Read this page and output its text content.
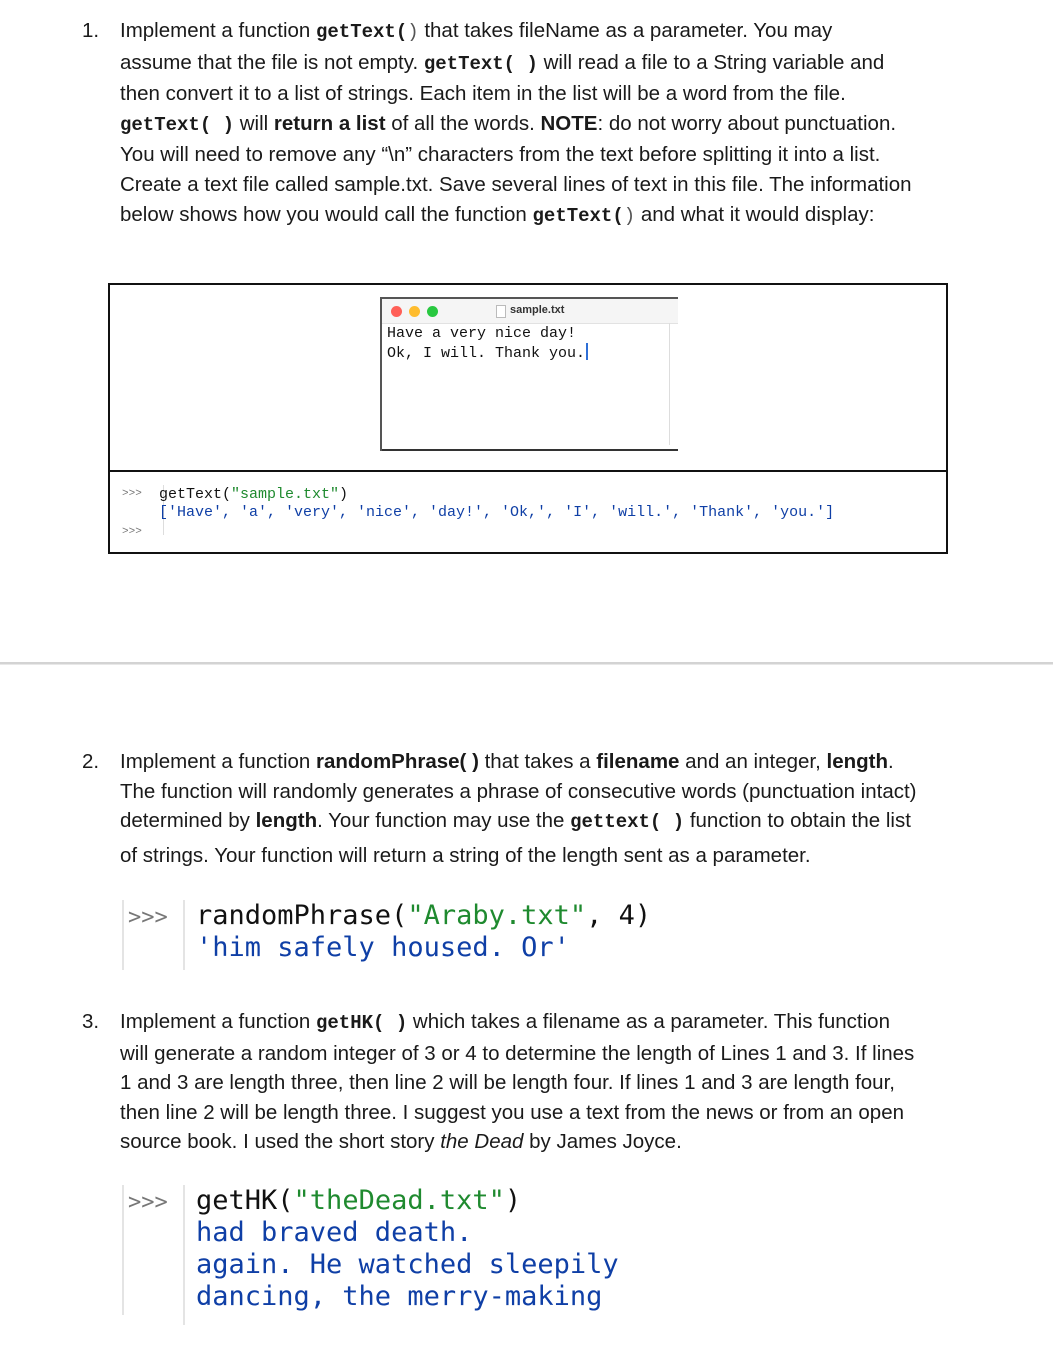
1. Implement a function getText() that takes fileName as a parameter. You may
assume that the file is not empty. getText( ) will read a file to a String variable and
then convert it to a list of strings. Each item in the list will be a word from the file.
getText( ) will return a list of all the words. NOTE: do not worry about punctuation.
You will need to remove any “\n” characters from the text before splitting it into a list.
Create a text file called sample.txt. Save several lines of text in this file. The information
below shows how you would call the function getText() and what it would display:
sample.txt
Have a very nice day!
Ok, I will. Thank you.
>>> getText("sample.txt")
['Have', 'a', 'very', 'nice', 'day!', 'Ok,', 'I', 'will.', 'Thank', 'you.']
>>>
2. Implement a function randomPhrase( ) that takes a filename and an integer, length.
The function will randomly generates a phrase of consecutive words (punctuation intact)
determined by length. Your function may use the gettext( ) function to obtain the list
of strings. Your function will return a string of the length sent as a parameter.
>>> randomPhrase("Araby.txt", 4)
'him safely housed. Or'
3. Implement a function getHK( ) which takes a filename as a parameter. This function
will generate a random integer of 3 or 4 to determine the length of Lines 1 and 3. If lines
1 and 3 are length three, then line 2 will be length four. If lines 1 and 3 are length four,
then line 2 will be length three. I suggest you use a text from the news or from an open
source book. I used the short story the Dead by James Joyce.
>>> getHK("theDead.txt")
had braved death.
again. He watched sleepily
dancing, the merry-making
